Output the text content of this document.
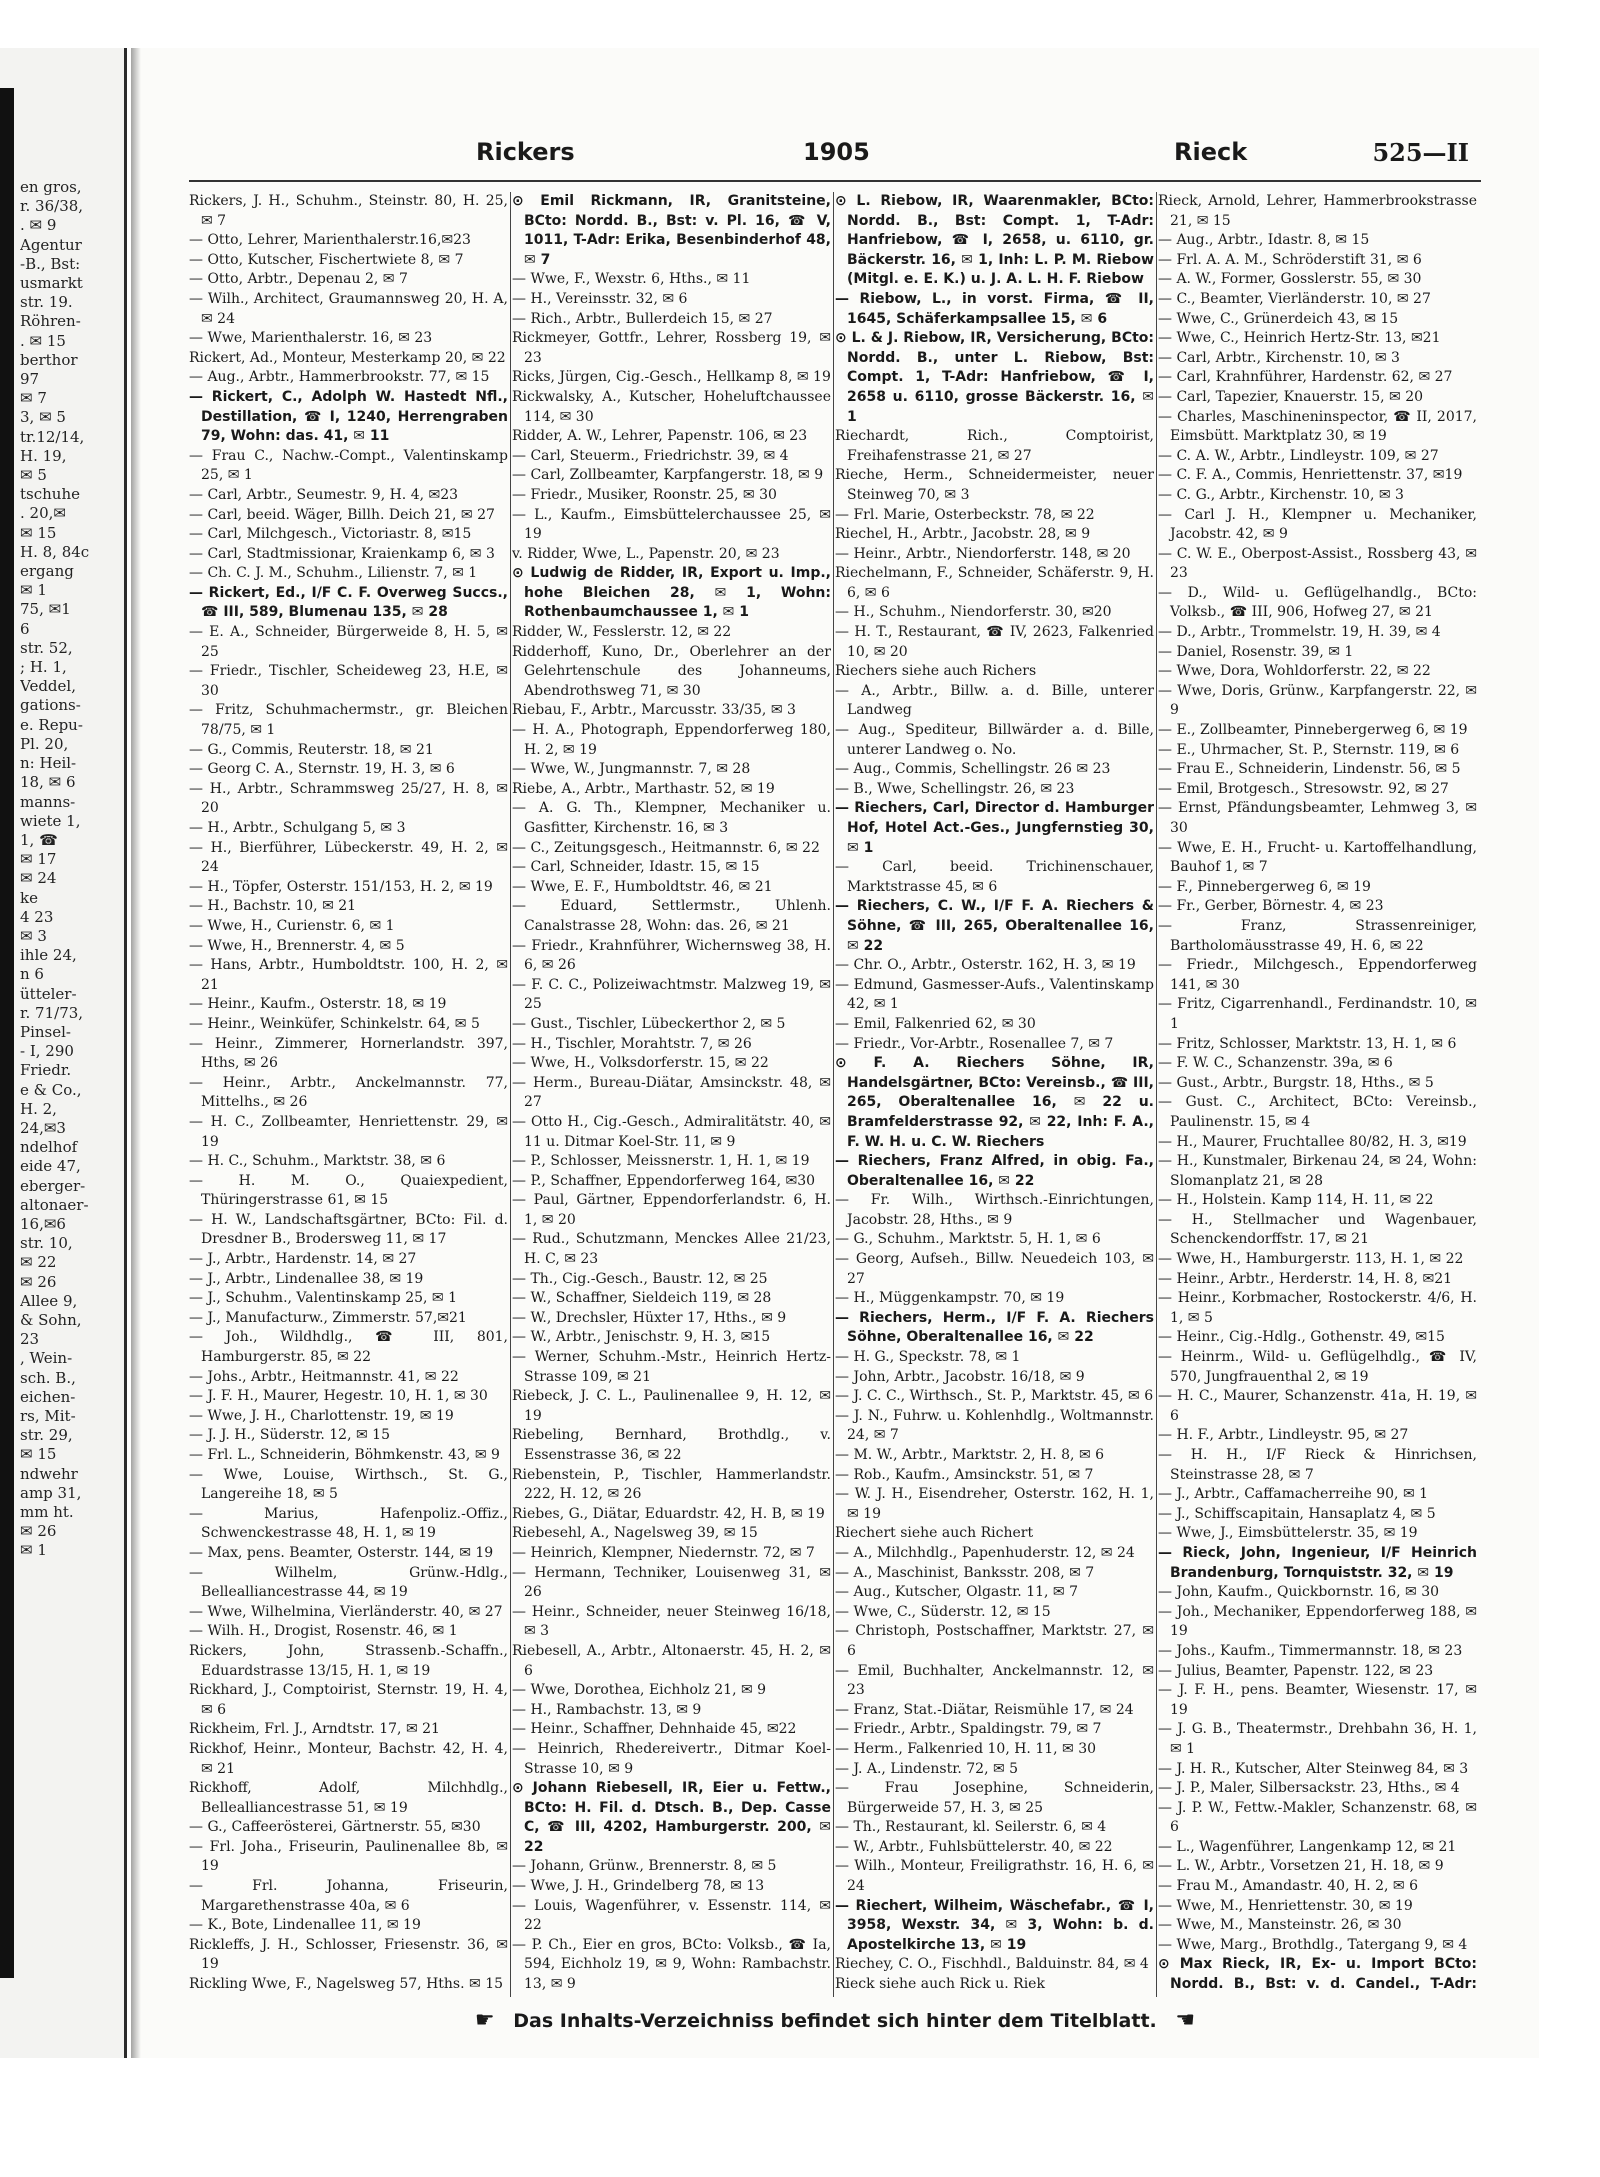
en gros,
r. 36/38,
. ✉ 9
Agentur
-B., Bst:
usmarkt
str. 19.
Röhren-
. ✉ 15
berthor
97
✉ 7
3, ✉ 5
tr.12/14,
H. 19,
✉ 5
tschuhe
. 20,✉
✉ 15
H. 8, 84c
ergang
✉ 1
75, ✉1
6
str. 52,
; H. 1,
Veddel,
gations-
e. Repu-
Pl. 20,
n: Heil-
18, ✉ 6
manns-
wiete 1,
1, ☎
✉ 17
✉ 24
ke
4 23
✉ 3
ihle 24,
n 6
ütteler-
r. 71/73,
Pinsel-
- I, 290
Friedr.
e & Co.,
H. 2,
24,✉3
ndelhof
eide 47,
eberger-
altonaer-
16,✉6
str. 10,
✉ 22
✉ 26
Allee 9,
& Sohn,
23
, Wein-
sch. B.,
eichen-
rs, Mit-
str. 29,
✉ 15
ndwehr
amp 31,
mm ht.
✉ 26
✉ 1
Rickers	1905	Rieck	525—II

Rickers, J. H., Schuhm., Steinstr. 80, H. 25, ✉ 7

— Otto, Lehrer, Marienthalerstr.16,✉23

— Otto, Kutscher, Fischertwiete 8, ✉ 7

— Otto, Arbtr., Depenau 2, ✉ 7

— Wilh., Architect, Graumannsweg 20, H. A, ✉ 24

— Wwe, Marienthalerstr. 16, ✉ 23

Rickert, Ad., Monteur, Mesterkamp 20, ✉ 22

— Aug., Arbtr., Hammerbrookstr. 77, ✉ 15

— Rickert, C., Adolph W. Hastedt Nfl., Destillation, ☎ I, 1240, Herrengraben 79, Wohn: das. 41, ✉ 11

— Frau C., Nachw.-Compt., Valentinskamp 25, ✉ 1

— Carl, Arbtr., Seumestr. 9, H. 4, ✉23

— Carl, beeid. Wäger, Billh. Deich 21, ✉ 27

— Carl, Milchgesch., Victoriastr. 8, ✉15

— Carl, Stadtmissionar, Kraienkamp 6, ✉ 3

— Ch. C. J. M., Schuhm., Lilienstr. 7, ✉ 1

— Rickert, Ed., I/F C. F. Overweg Succs., ☎ III, 589, Blumenau 135, ✉ 28

— E. A., Schneider, Bürgerweide 8, H. 5, ✉ 25

— Friedr., Tischler, Scheideweg 23, H.E, ✉ 30

— Fritz, Schuhmachermstr., gr. Bleichen 78/75, ✉ 1

— G., Commis, Reuterstr. 18, ✉ 21

— Georg C. A., Sternstr. 19, H. 3, ✉ 6

— H., Arbtr., Schrammsweg 25/27, H. 8, ✉ 20

— H., Arbtr., Schulgang 5, ✉ 3

— H., Bierführer, Lübeckerstr. 49, H. 2, ✉ 24

— H., Töpfer, Osterstr. 151/153, H. 2, ✉ 19

— H., Bachstr. 10, ✉ 21

— Wwe, H., Curienstr. 6, ✉ 1

— Wwe, H., Brennerstr. 4, ✉ 5

— Hans, Arbtr., Humboldtstr. 100, H. 2, ✉ 21

— Heinr., Kaufm., Osterstr. 18, ✉ 19

— Heinr., Weinküfer, Schinkelstr. 64, ✉ 5

— Heinr., Zimmerer, Hornerlandstr. 397, Hths, ✉ 26

— Heinr., Arbtr., Anckelmannstr. 77, Mittelhs., ✉ 26

— H. C., Zollbeamter, Henriettenstr. 29, ✉ 19

— H. C., Schuhm., Marktstr. 38, ✉ 6

— H. M. O., Quaiexpedient, Thüringerstrasse 61, ✉ 15

— H. W., Landschaftsgärtner, BCto: Fil. d. Dresdner B., Brodersweg 11, ✉ 17

— J., Arbtr., Hardenstr. 14, ✉ 27

— J., Arbtr., Lindenallee 38, ✉ 19

— J., Schuhm., Valentinskamp 25, ✉ 1

— J., Manufacturw., Zimmerstr. 57,✉21

— Joh., Wildhdlg., ☎ III, 801, Hamburgerstr. 85, ✉ 22

— Johs., Arbtr., Heitmannstr. 41, ✉ 22

— J. F. H., Maurer, Hegestr. 10, H. 1, ✉ 30

— Wwe, J. H., Charlottenstr. 19, ✉ 19

— J. J. H., Süderstr. 12, ✉ 15

— Frl. L., Schneiderin, Böhmkenstr. 43, ✉ 9

— Wwe, Louise, Wirthsch., St. G., Langereihe 18, ✉ 5

— Marius, Hafenpoliz.-Offiz., Schwenckestrasse 48, H. 1, ✉ 19

— Max, pens. Beamter, Osterstr. 144, ✉ 19

— Wilhelm, Grünw.-Hdlg., Bellealliancestrasse 44, ✉ 19

— Wwe, Wilhelmina, Vierländerstr. 40, ✉ 27

— Wilh. H., Drogist, Rosenstr. 46, ✉ 1

Rickers, John, Strassenb.-Schaffn., Eduardstrasse 13/15, H. 1, ✉ 19

Rickhard, J., Comptoirist, Sternstr. 19, H. 4, ✉ 6

Rickheim, Frl. J., Arndtstr. 17, ✉ 21

Rickhof, Heinr., Monteur, Bachstr. 42, H. 4, ✉ 21

Rickhoff, Adolf, Milchhdlg., Bellealliancestrasse 51, ✉ 19

— G., Caffeerösterei, Gärtnerstr. 55, ✉30

— Frl. Joha., Friseurin, Paulinenallee 8b, ✉ 19

— Frl. Johanna, Friseurin, Margarethenstrasse 40a, ✉ 6

— K., Bote, Lindenallee 11, ✉ 19

Rickleffs, J. H., Schlosser, Friesenstr. 36, ✉ 19

Rickling Wwe, F., Nagelsweg 57, Hths. ✉ 15

⊙ Emil Rickmann, IR, Granitsteine, BCto: Nordd. B., Bst: v. Pl. 16, ☎ V, 1011, T-Adr: Erika, Besenbinderhof 48, ✉ 7

— Wwe, F., Wexstr. 6, Hths., ✉ 11

— H., Vereinsstr. 32, ✉ 6

— Rich., Arbtr., Bullerdeich 15, ✉ 27

Rickmeyer, Gottfr., Lehrer, Rossberg 19, ✉ 23

Ricks, Jürgen, Cig.-Gesch., Hellkamp 8, ✉ 19

Rickwalsky, A., Kutscher, Hoheluftchaussee 114, ✉ 30

Ridder, A. W., Lehrer, Papenstr. 106, ✉ 23

— Carl, Steuerm., Friedrichstr. 39, ✉ 4

— Carl, Zollbeamter, Karpfangerstr. 18, ✉ 9

— Friedr., Musiker, Roonstr. 25, ✉ 30

— L., Kaufm., Eimsbüttelerchaussee 25, ✉ 19

v. Ridder, Wwe, L., Papenstr. 20, ✉ 23

⊙ Ludwig de Ridder, IR, Export u. Imp., hohe Bleichen 28, ✉ 1, Wohn: Rothenbaumchaussee 1, ✉ 1

Ridder, W., Fesslerstr. 12, ✉ 22

Ridderhoff, Kuno, Dr., Oberlehrer an der Gelehrtenschule des Johanneums, Abendrothsweg 71, ✉ 30

Riebau, F., Arbtr., Marcusstr. 33/35, ✉ 3

— H. A., Photograph, Eppendorferweg 180, H. 2, ✉ 19

— Wwe, W., Jungmannstr. 7, ✉ 28

Riebe, A., Arbtr., Marthastr. 52, ✉ 19

— A. G. Th., Klempner, Mechaniker u. Gasfitter, Kirchenstr. 16, ✉ 3

— C., Zeitungsgesch., Heitmannstr. 6, ✉ 22

— Carl, Schneider, Idastr. 15, ✉ 15

— Wwe, E. F., Humboldtstr. 46, ✉ 21

— Eduard, Settlermstr., Uhlenh. Canalstrasse 28, Wohn: das. 26, ✉ 21

— Friedr., Krahnführer, Wichernsweg 38, H. 6, ✉ 26

— F. C. C., Polizeiwachtmstr. Malzweg 19, ✉ 25

— Gust., Tischler, Lübeckerthor 2, ✉ 5

— H., Tischler, Morahtstr. 7, ✉ 26

— Wwe, H., Volksdorferstr. 15, ✉ 22

— Herm., Bureau-Diätar, Amsinckstr. 48, ✉ 27

— Otto H., Cig.-Gesch., Admiralitätstr. 40, ✉ 11 u. Ditmar Koel-Str. 11, ✉ 9

— P., Schlosser, Meissnerstr. 1, H. 1, ✉ 19

— P., Schaffner, Eppendorferweg 164, ✉30

— Paul, Gärtner, Eppendorferlandstr. 6, H. 1, ✉ 20

— Rud., Schutzmann, Menckes Allee 21/23, H. C, ✉ 23

— Th., Cig.-Gesch., Baustr. 12, ✉ 25

— W., Schaffner, Sieldeich 119, ✉ 28

— W., Drechsler, Hüxter 17, Hths., ✉ 9

— W., Arbtr., Jenischstr. 9, H. 3, ✉15

— Werner, Schuhm.-Mstr., Heinrich Hertz-Strasse 109, ✉ 21

Riebeck, J. C. L., Paulinenallee 9, H. 12, ✉ 19

Riebeling, Bernhard, Brothdlg., v. Essenstrasse 36, ✉ 22

Riebenstein, P., Tischler, Hammerlandstr. 222, H. 12, ✉ 26

Riebes, G., Diätar, Eduardstr. 42, H. B, ✉ 19

Riebesehl, A., Nagelsweg 39, ✉ 15

— Heinrich, Klempner, Niedernstr. 72, ✉ 7

— Hermann, Techniker, Louisenweg 31, ✉ 26

— Heinr., Schneider, neuer Steinweg 16/18, ✉ 3

Riebesell, A., Arbtr., Altonaerstr. 45, H. 2, ✉ 6

— Wwe, Dorothea, Eichholz 21, ✉ 9

— H., Rambachstr. 13, ✉ 9

— Heinr., Schaffner, Dehnhaide 45, ✉22

— Heinrich, Rhedereivertr., Ditmar Koel-Strasse 10, ✉ 9

⊙ Johann Riebesell, IR, Eier u. Fettw., BCto: H. Fil. d. Dtsch. B., Dep. Casse C, ☎ III, 4202, Hamburgerstr. 200, ✉ 22

— Johann, Grünw., Brennerstr. 8, ✉ 5

— Wwe, J. H., Grindelberg 78, ✉ 13

— Louis, Wagenführer, v. Essenstr. 114, ✉ 22

— P. Ch., Eier en gros, BCto: Volksb., ☎ Ia, 594, Eichholz 19, ✉ 9, Wohn: Rambachstr. 13, ✉ 9

⊙ L. Riebow, IR, Waarenmakler, BCto: Nordd. B., Bst: Compt. 1, T-Adr: Hanfriebow, ☎ I, 2658, u. 6110, gr. Bäckerstr. 16, ✉ 1, Inh: L. P. M. Riebow (Mitgl. e. E. K.) u. J. A. L. H. F. Riebow

— Riebow, L., in vorst. Firma, ☎ II, 1645, Schäferkampsallee 15, ✉ 6

⊙ L. & J. Riebow, IR, Versicherung, BCto: Nordd. B., unter L. Riebow, Bst: Compt. 1, T-Adr: Hanfriebow, ☎ I, 2658 u. 6110, grosse Bäckerstr. 16, ✉ 1

Riechardt, Rich., Comptoirist, Freihafenstrasse 21, ✉ 27

Rieche, Herm., Schneidermeister, neuer Steinweg 70, ✉ 3

— Frl. Marie, Osterbeckstr. 78, ✉ 22

Riechel, H., Arbtr., Jacobstr. 28, ✉ 9

— Heinr., Arbtr., Niendorferstr. 148, ✉ 20

Riechelmann, F., Schneider, Schäferstr. 9, H. 6, ✉ 6

— H., Schuhm., Niendorferstr. 30, ✉20

— H. T., Restaurant, ☎ IV, 2623, Falkenried 10, ✉ 20

Riechers siehe auch Richers

— A., Arbtr., Billw. a. d. Bille, unterer Landweg

— Aug., Spediteur, Billwärder a. d. Bille, unterer Landweg o. No.

— Aug., Commis, Schellingstr. 26 ✉ 23

— B., Wwe, Schellingstr. 26, ✉ 23

— Riechers, Carl, Director d. Hamburger Hof, Hotel Act.-Ges., Jungfernstieg 30, ✉ 1

— Carl, beeid. Trichinenschauer, Marktstrasse 45, ✉ 6

— Riechers, C. W., I/F F. A. Riechers & Söhne, ☎ III, 265, Oberaltenallee 16, ✉ 22

— Chr. O., Arbtr., Osterstr. 162, H. 3, ✉ 19

— Edmund, Gasmesser-Aufs., Valentinskamp 42, ✉ 1

— Emil, Falkenried 62, ✉ 30

— Friedr., Vor-Arbtr., Rosenallee 7, ✉ 7

⊙ F. A. Riechers Söhne, IR, Handelsgärtner, BCto: Vereinsb., ☎ III, 265, Oberaltenallee 16, ✉ 22 u. Bramfelderstrasse 92, ✉ 22, Inh: F. A., F. W. H. u. C. W. Riechers

— Riechers, Franz Alfred, in obig. Fa., Oberaltenallee 16, ✉ 22

— Fr. Wilh., Wirthsch.-Einrichtungen, Jacobstr. 28, Hths., ✉ 9

— G., Schuhm., Marktstr. 5, H. 1, ✉ 6

— Georg, Aufseh., Billw. Neuedeich 103, ✉ 27

— H., Müggenkampstr. 70, ✉ 19

— Riechers, Herm., I/F F. A. Riechers Söhne, Oberaltenallee 16, ✉ 22

— H. G., Speckstr. 78, ✉ 1

— John, Arbtr., Jacobstr. 16/18, ✉ 9

— J. C. C., Wirthsch., St. P., Marktstr. 45, ✉ 6

— J. N., Fuhrw. u. Kohlenhdlg., Woltmannstr. 24, ✉ 7

— M. W., Arbtr., Marktstr. 2, H. 8, ✉ 6

— Rob., Kaufm., Amsinckstr. 51, ✉ 7

— W. J. H., Eisendreher, Osterstr. 162, H. 1, ✉ 19

Riechert siehe auch Richert

— A., Milchhdlg., Papenhuderstr. 12, ✉ 24

— A., Maschinist, Banksstr. 208, ✉ 7

— Aug., Kutscher, Olgastr. 11, ✉ 7

— Wwe, C., Süderstr. 12, ✉ 15

— Christoph, Postschaffner, Marktstr. 27, ✉ 6

— Emil, Buchhalter, Anckelmannstr. 12, ✉ 23

— Franz, Stat.-Diätar, Reismühle 17, ✉ 24

— Friedr., Arbtr., Spaldingstr. 79, ✉ 7

— Herm., Falkenried 10, H. 11, ✉ 30

— J. A., Lindenstr. 72, ✉ 5

— Frau Josephine, Schneiderin, Bürgerweide 57, H. 3, ✉ 25

— Th., Restaurant, kl. Seilerstr. 6, ✉ 4

— W., Arbtr., Fuhlsbüttelerstr. 40, ✉ 22

— Wilh., Monteur, Freiligrathstr. 16, H. 6, ✉ 24

— Riechert, Wilheim, Wäschefabr., ☎ I, 3958, Wexstr. 34, ✉ 3, Wohn: b. d. Apostelkirche 13, ✉ 19

Riechey, C. O., Fischhdl., Balduinstr. 84, ✉ 4

Rieck siehe auch Rick u. Riek

Rieck, Arnold, Lehrer, Hammerbrookstrasse 21, ✉ 15

— Aug., Arbtr., Idastr. 8, ✉ 15

— Frl. A. A. M., Schröderstift 31, ✉ 6

— A. W., Former, Gosslerstr. 55, ✉ 30

— C., Beamter, Vierländerstr. 10, ✉ 27

— Wwe, C., Grünerdeich 43, ✉ 15

— Wwe, C., Heinrich Hertz-Str. 13, ✉21

— Carl, Arbtr., Kirchenstr. 10, ✉ 3

— Carl, Krahnführer, Hardenstr. 62, ✉ 27

— Carl, Tapezier, Knauerstr. 15, ✉ 20

— Charles, Maschineninspector, ☎ II, 2017, Eimsbütt. Marktplatz 30, ✉ 19

— C. A. W., Arbtr., Lindleystr. 109, ✉ 27

— C. F. A., Commis, Henriettenstr. 37, ✉19

— C. G., Arbtr., Kirchenstr. 10, ✉ 3

— Carl J. H., Klempner u. Mechaniker, Jacobstr. 42, ✉ 9

— C. W. E., Oberpost-Assist., Rossberg 43, ✉ 23

— D., Wild- u. Geflügelhandlg., BCto: Volksb., ☎ III, 906, Hofweg 27, ✉ 21

— D., Arbtr., Trommelstr. 19, H. 39, ✉ 4

— Daniel, Rosenstr. 39, ✉ 1

— Wwe, Dora, Wohldorferstr. 22, ✉ 22

— Wwe, Doris, Grünw., Karpfangerstr. 22, ✉ 9

— E., Zollbeamter, Pinnebergerweg 6, ✉ 19

— E., Uhrmacher, St. P., Sternstr. 119, ✉ 6

— Frau E., Schneiderin, Lindenstr. 56, ✉ 5

— Emil, Brotgesch., Stresowstr. 92, ✉ 27

— Ernst, Pfändungsbeamter, Lehmweg 3, ✉ 30

— Wwe, E. H., Frucht- u. Kartoffelhandlung, Bauhof 1, ✉ 7

— F., Pinnebergerweg 6, ✉ 19

— Fr., Gerber, Börnestr. 4, ✉ 23

— Franz, Strassenreiniger, Bartholomäusstrasse 49, H. 6, ✉ 22

— Friedr., Milchgesch., Eppendorferweg 141, ✉ 30

— Fritz, Cigarrenhandl., Ferdinandstr. 10, ✉ 1

— Fritz, Schlosser, Marktstr. 13, H. 1, ✉ 6

— F. W. C., Schanzenstr. 39a, ✉ 6

— Gust., Arbtr., Burgstr. 18, Hths., ✉ 5

— Gust. C., Architect, BCto: Vereinsb., Paulinenstr. 15, ✉ 4

— H., Maurer, Fruchtallee 80/82, H. 3, ✉19

— H., Kunstmaler, Birkenau 24, ✉ 24, Wohn: Slomanplatz 21, ✉ 28

— H., Holstein. Kamp 114, H. 11, ✉ 22

— H., Stellmacher und Wagenbauer, Schenckendorffstr. 17, ✉ 21

— Wwe, H., Hamburgerstr. 113, H. 1, ✉ 22

— Heinr., Arbtr., Herderstr. 14, H. 8, ✉21

— Heinr., Korbmacher, Rostockerstr. 4/6, H. 1, ✉ 5

— Heinr., Cig.-Hdlg., Gothenstr. 49, ✉15

— Heinrm., Wild- u. Geflügelhdlg., ☎ IV, 570, Jungfrauenthal 2, ✉ 19

— H. C., Maurer, Schanzenstr. 41a, H. 19, ✉ 6

— H. F., Arbtr., Lindleystr. 95, ✉ 27

— H. H., I/F Rieck & Hinrichsen, Steinstrasse 28, ✉ 7

— J., Arbtr., Caffamacherreihe 90, ✉ 1

— J., Schiffscapitain, Hansaplatz 4, ✉ 5

— Wwe, J., Eimsbüttelerstr. 35, ✉ 19

— Rieck, John, Ingenieur, I/F Heinrich Brandenburg, Tornquiststr. 32, ✉ 19

— John, Kaufm., Quickbornstr. 16, ✉ 30

— Joh., Mechaniker, Eppendorferweg 188, ✉ 19

— Johs., Kaufm., Timmermannstr. 18, ✉ 23

— Julius, Beamter, Papenstr. 122, ✉ 23

— J. F. H., pens. Beamter, Wiesenstr. 17, ✉ 19

— J. G. B., Theatermstr., Drehbahn 36, H. 1, ✉ 1

— J. H. R., Kutscher, Alter Steinweg 84, ✉ 3

— J. P., Maler, Silbersackstr. 23, Hths., ✉ 4

— J. P. W., Fettw.-Makler, Schanzenstr. 68, ✉ 6

— L., Wagenführer, Langenkamp 12, ✉ 21

— L. W., Arbtr., Vorsetzen 21, H. 18, ✉ 9

— Frau M., Amandastr. 40, H. 2, ✉ 6

— Wwe, M., Henriettenstr. 30, ✉ 19

— Wwe, M., Mansteinstr. 26, ✉ 30

— Wwe, Marg., Brothdlg., Tatergang 9, ✉ 4

⊙ Max Rieck, IR, Ex- u. Import BCto: Nordd. B., Bst: v. d. Candel., T-Adr:

☛ Das Inhalts-Verzeichniss befindet sich hinter dem Titelblatt. ☚
